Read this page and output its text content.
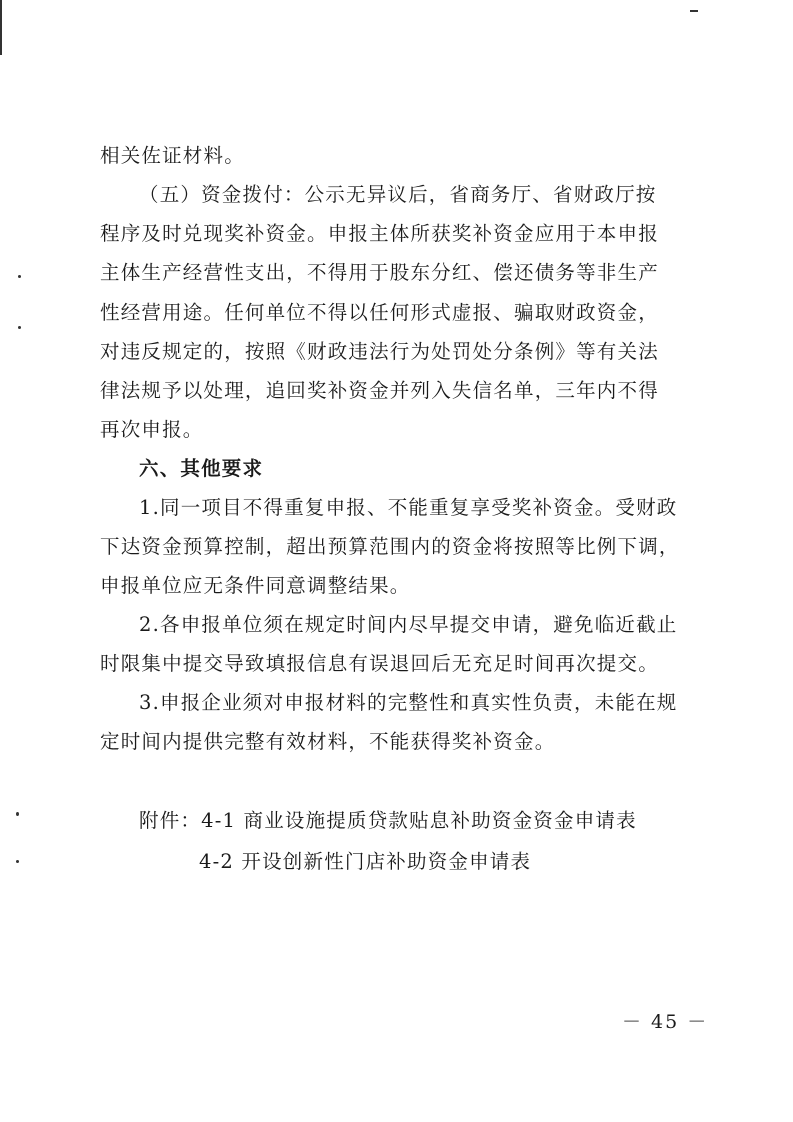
相关佐证材料。
（五）资金拨付：公示无异议后，省商务厅、省财政厅按
程序及时兑现奖补资金。申报主体所获奖补资金应用于本申报
主体生产经营性支出，不得用于股东分红、偿还债务等非生产
性经营用途。任何单位不得以任何形式虚报、骗取财政资金，
对违反规定的，按照《财政违法行为处罚处分条例》等有关法
律法规予以处理，追回奖补资金并列入失信名单，三年内不得
再次申报。
六、其他要求
1.同一项目不得重复申报、不能重复享受奖补资金。受财政
下达资金预算控制，超出预算范围内的资金将按照等比例下调，
申报单位应无条件同意调整结果。
2.各申报单位须在规定时间内尽早提交申请，避免临近截止
时限集中提交导致填报信息有误退回后无充足时间再次提交。
3.申报企业须对申报材料的完整性和真实性负责，未能在规
定时间内提供完整有效材料，不能获得奖补资金。
附件：4-1 商业设施提质贷款贴息补助资金资金申请表
4-2 开设创新性门店补助资金申请表
－ 45 －
